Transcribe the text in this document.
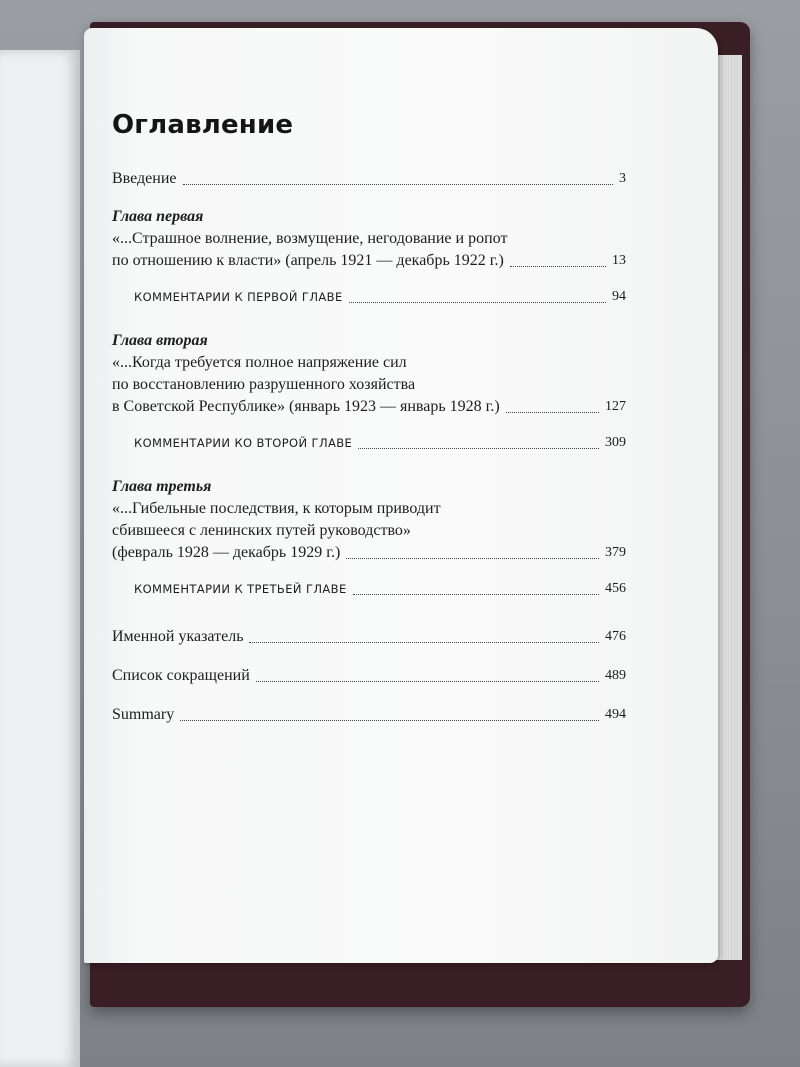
Оглавление
Введение	3
Глава первая
«...Страшное волнение, возмущение, негодование и ропот
по отношению к власти» (апрель 1921 — декабрь 1922 г.)	13
КОММЕНТАРИИ К ПЕРВОЙ ГЛАВЕ	94
Глава вторая
«...Когда требуется полное напряжение сил
по восстановлению разрушенного хозяйства
в Советской Республике» (январь 1923 — январь 1928 г.)	127
КОММЕНТАРИИ КО ВТОРОЙ ГЛАВЕ	309
Глава третья
«...Гибельные последствия, к которым приводит
сбившееся с ленинских путей руководство»
(февраль 1928 — декабрь 1929 г.)	379
КОММЕНТАРИИ К ТРЕТЬЕЙ ГЛАВЕ	456
Именной указатель	476
Список сокращений	489
Summary	494
